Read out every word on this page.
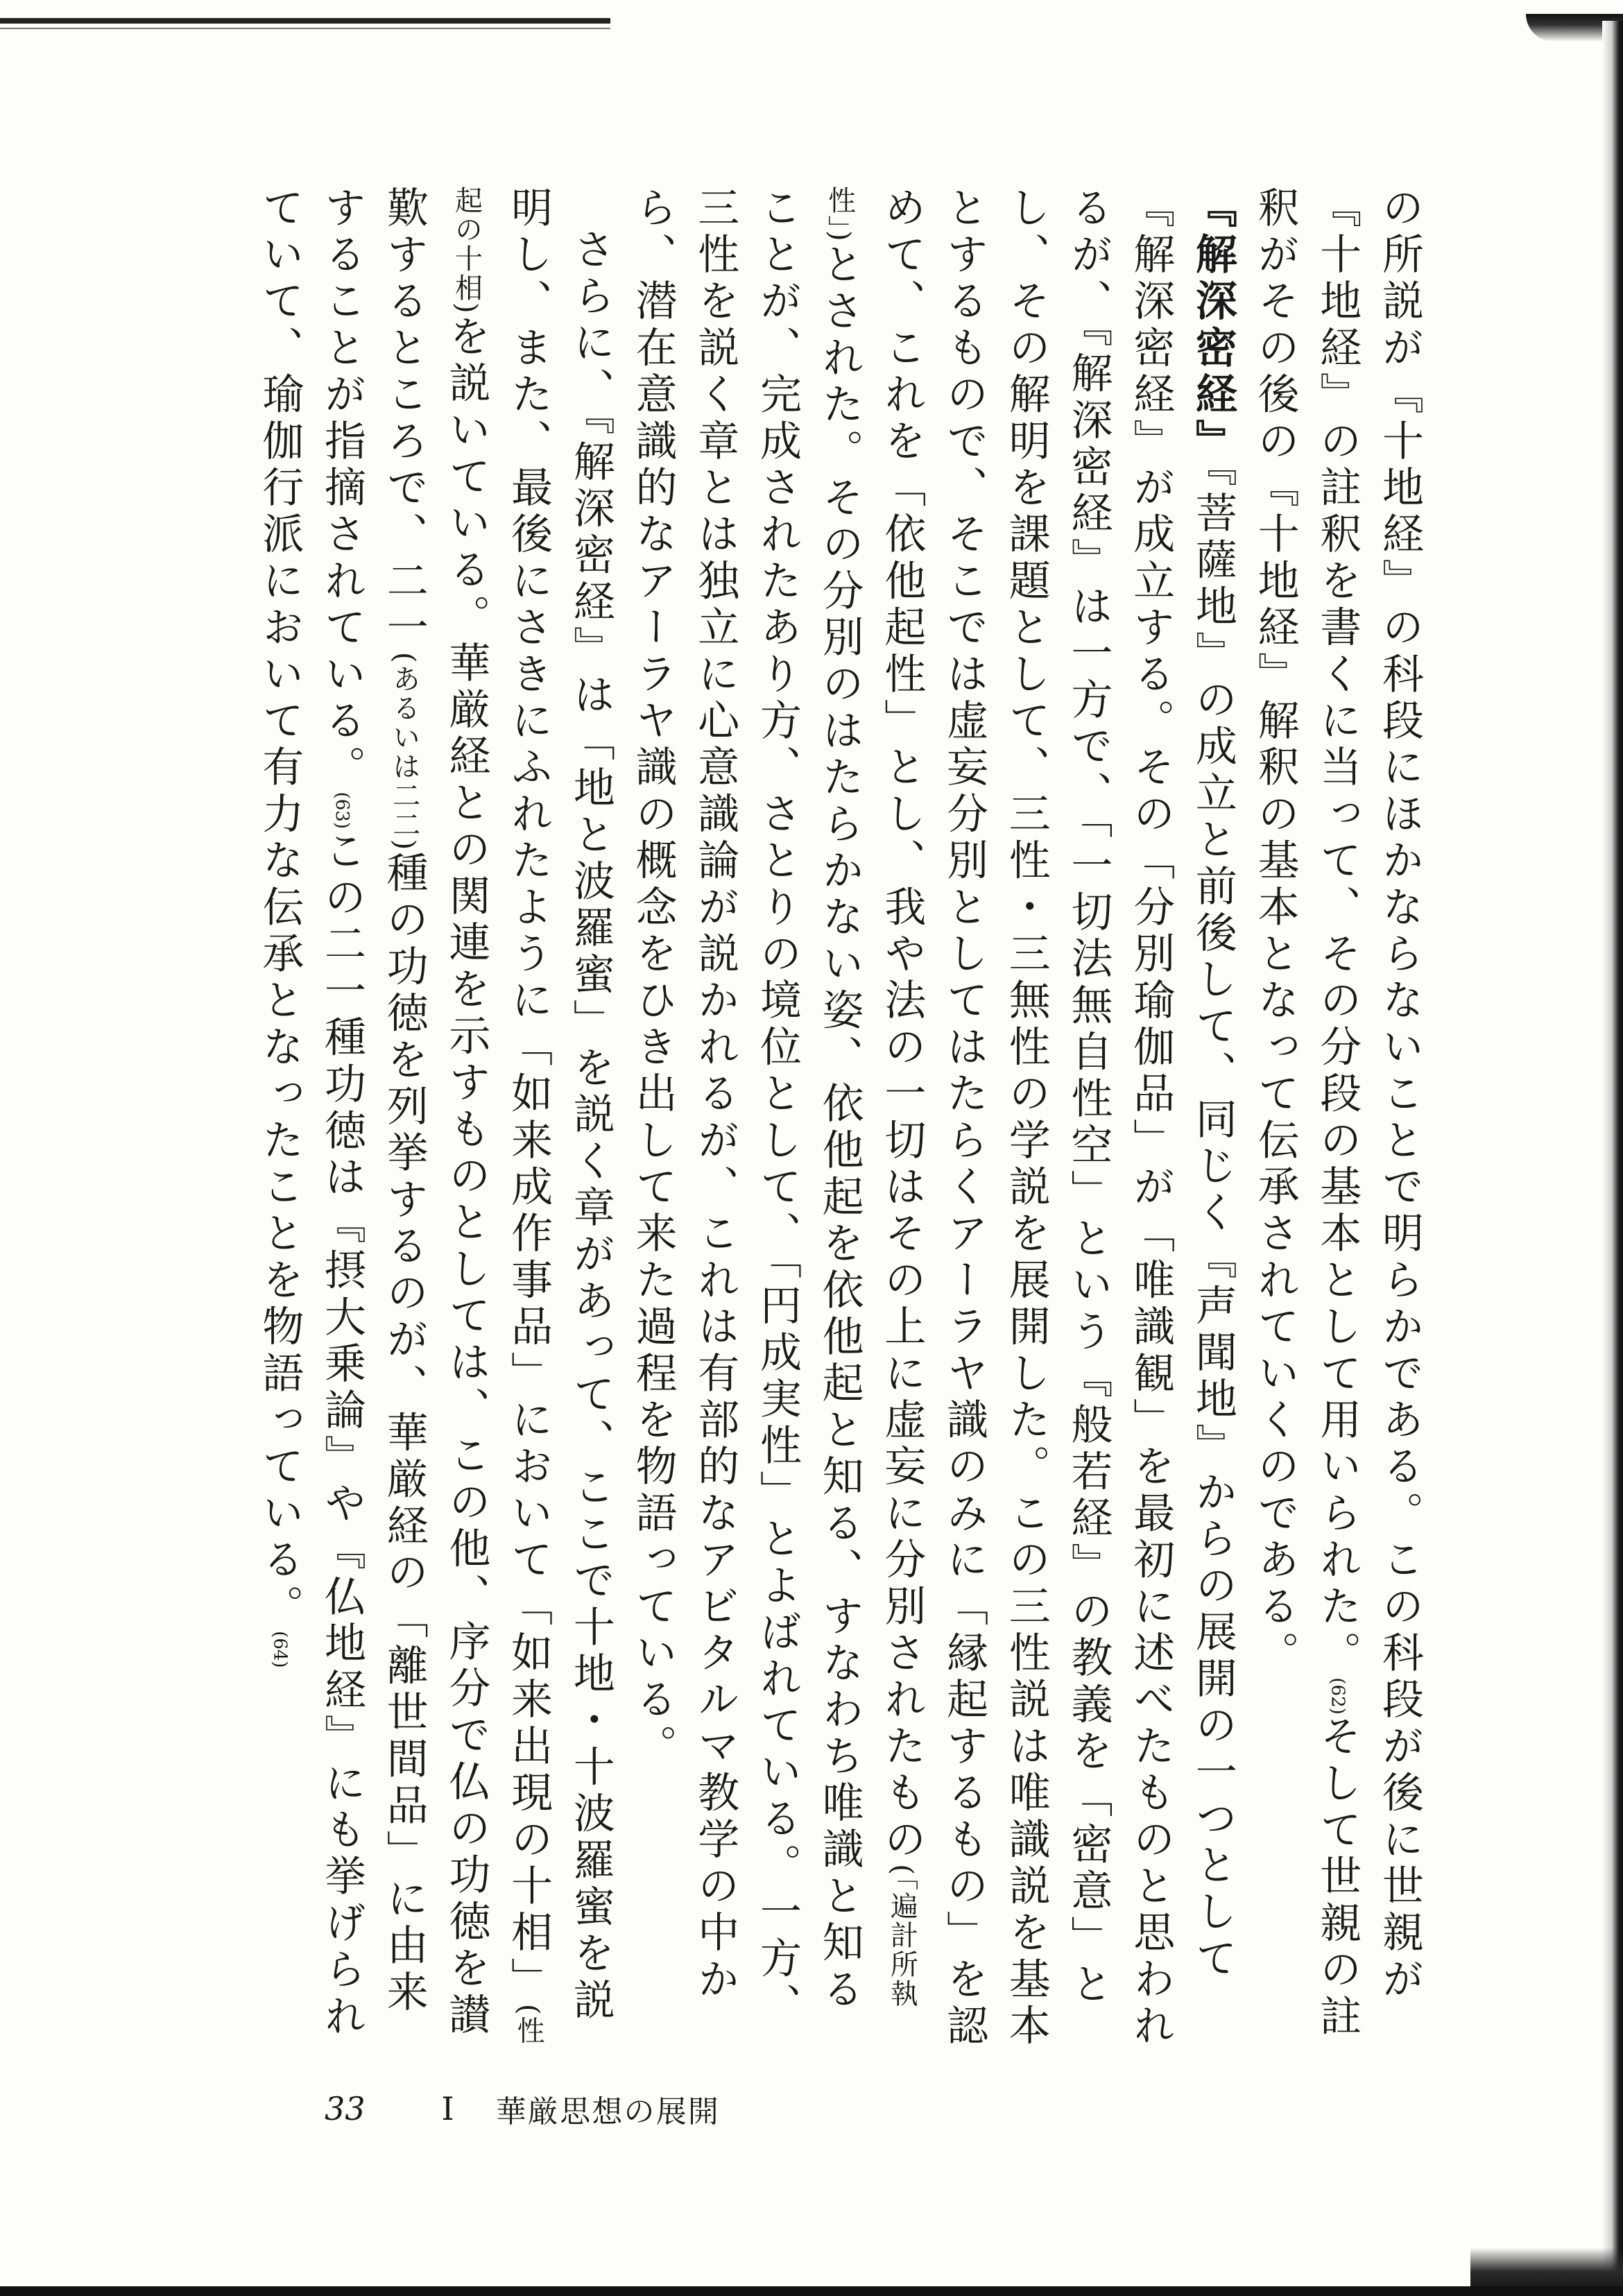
の所説が『十地経』の科段にほかならないことで明らかである。この科段が後に世親が『十地経』の註釈を書くに当って、その分段の基本として用いられた。(62)そして世親の註釈がその後の『十地経』解釈の基本となって伝承されていくのである。

『解深密経』『菩薩地』の成立と前後して、同じく『声聞地』からの展開の一つとして『解深密経』が成立する。その「分別瑜伽品」が「唯識観」を最初に述べたものと思われるが、『解深密経』は一方で、「一切法無自性空」という『般若経』の教義を「密意」とし、その解明を課題として、三性・三無性の学説を展開した。この三性説は唯識説を基本とするもので、そこでは虚妄分別としてはたらくアーラヤ識のみに「縁起するもの」を認めて、これを「依他起性」とし、我や法の一切はその上に虚妄に分別されたもの(「遍計所執性」)とされた。その分別のはたらかない姿、依他起を依他起と知る、すなわち唯識と知ることが、完成されたあり方、さとりの境位として、「円成実性」とよばれている。一方、三性を説く章とは独立に心意識論が説かれるが、これは有部的なアビタルマ教学の中から、潜在意識的なアーラヤ識の概念をひき出して来た過程を物語っている。

さらに、『解深密経』は「地と波羅蜜」を説く章があって、ここで十地・十波羅蜜を説明し、また、最後にさきにふれたように「如来成作事品」において「如来出現の十相」(性起の十相)を説いている。華厳経との関連を示すものとしては、この他、序分で仏の功徳を讃歎するところで、二一(あるいは二二)種の功徳を列挙するのが、華厳経の「離世間品」に由来することが指摘されている。(63)この二一種功徳は『摂大乗論』や『仏地経』にも挙げられていて、瑜伽行派において有力な伝承となったことを物語っている。(64)

33 I 華厳思想の展開
